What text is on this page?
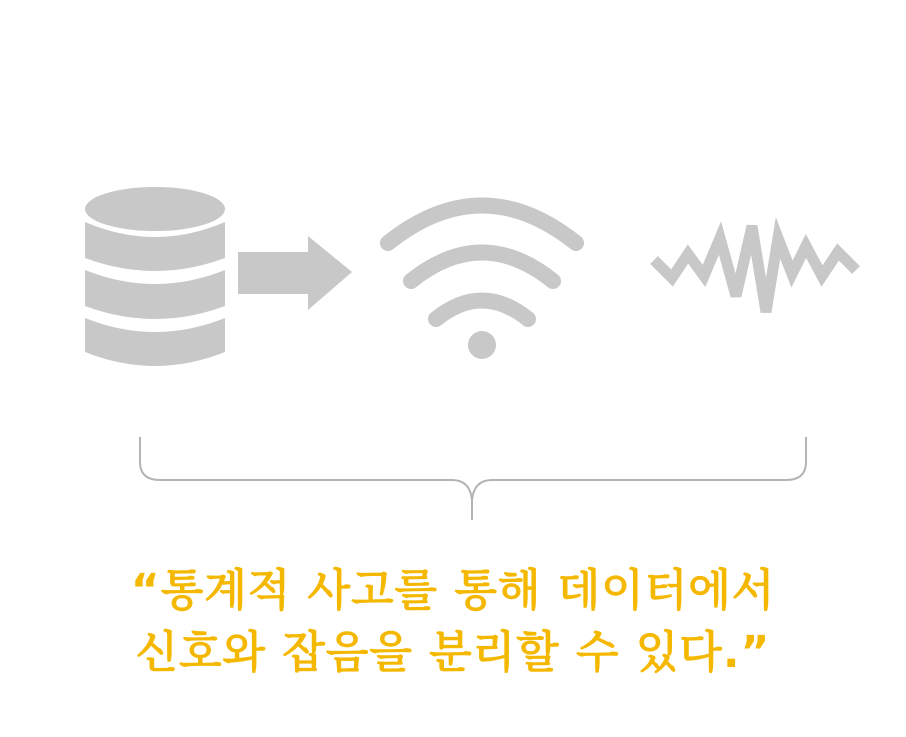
“통계적 사고를 통해 데이터에서
신호와 잡음을 분리할 수 있다.”
